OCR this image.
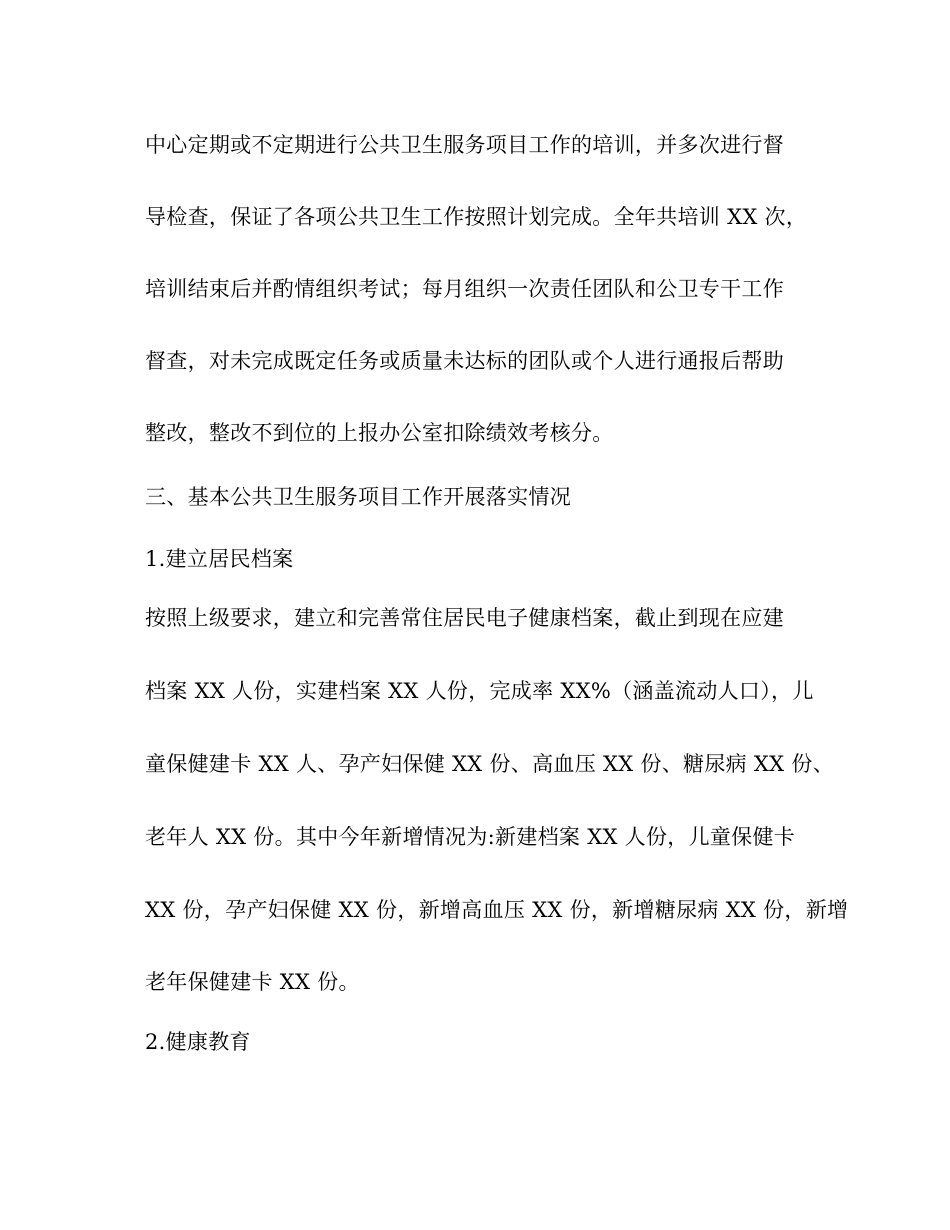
中心定期或不定期进行公共卫生服务项目工作的培训，并多次进行督
导检查，保证了各项公共卫生工作按照计划完成。全年共培训 XX 次，
培训结束后并酌情组织考试；每月组织一次责任团队和公卫专干工作
督查，对未完成既定任务或质量未达标的团队或个人进行通报后帮助
整改，整改不到位的上报办公室扣除绩效考核分。
三、基本公共卫生服务项目工作开展落实情况
1.建立居民档案
按照上级要求，建立和完善常住居民电子健康档案，截止到现在应建
档案 XX 人份，实建档案 XX 人份，完成率 XX%（涵盖流动人口），儿
童保健建卡 XX 人、孕产妇保健 XX 份、高血压 XX 份、糖尿病 XX 份、
老年人 XX 份。其中今年新增情况为:新建档案 XX 人份，儿童保健卡
XX 份，孕产妇保健 XX 份，新增高血压 XX 份，新增糖尿病 XX 份，新增
老年保健建卡 XX 份。
2.健康教育
